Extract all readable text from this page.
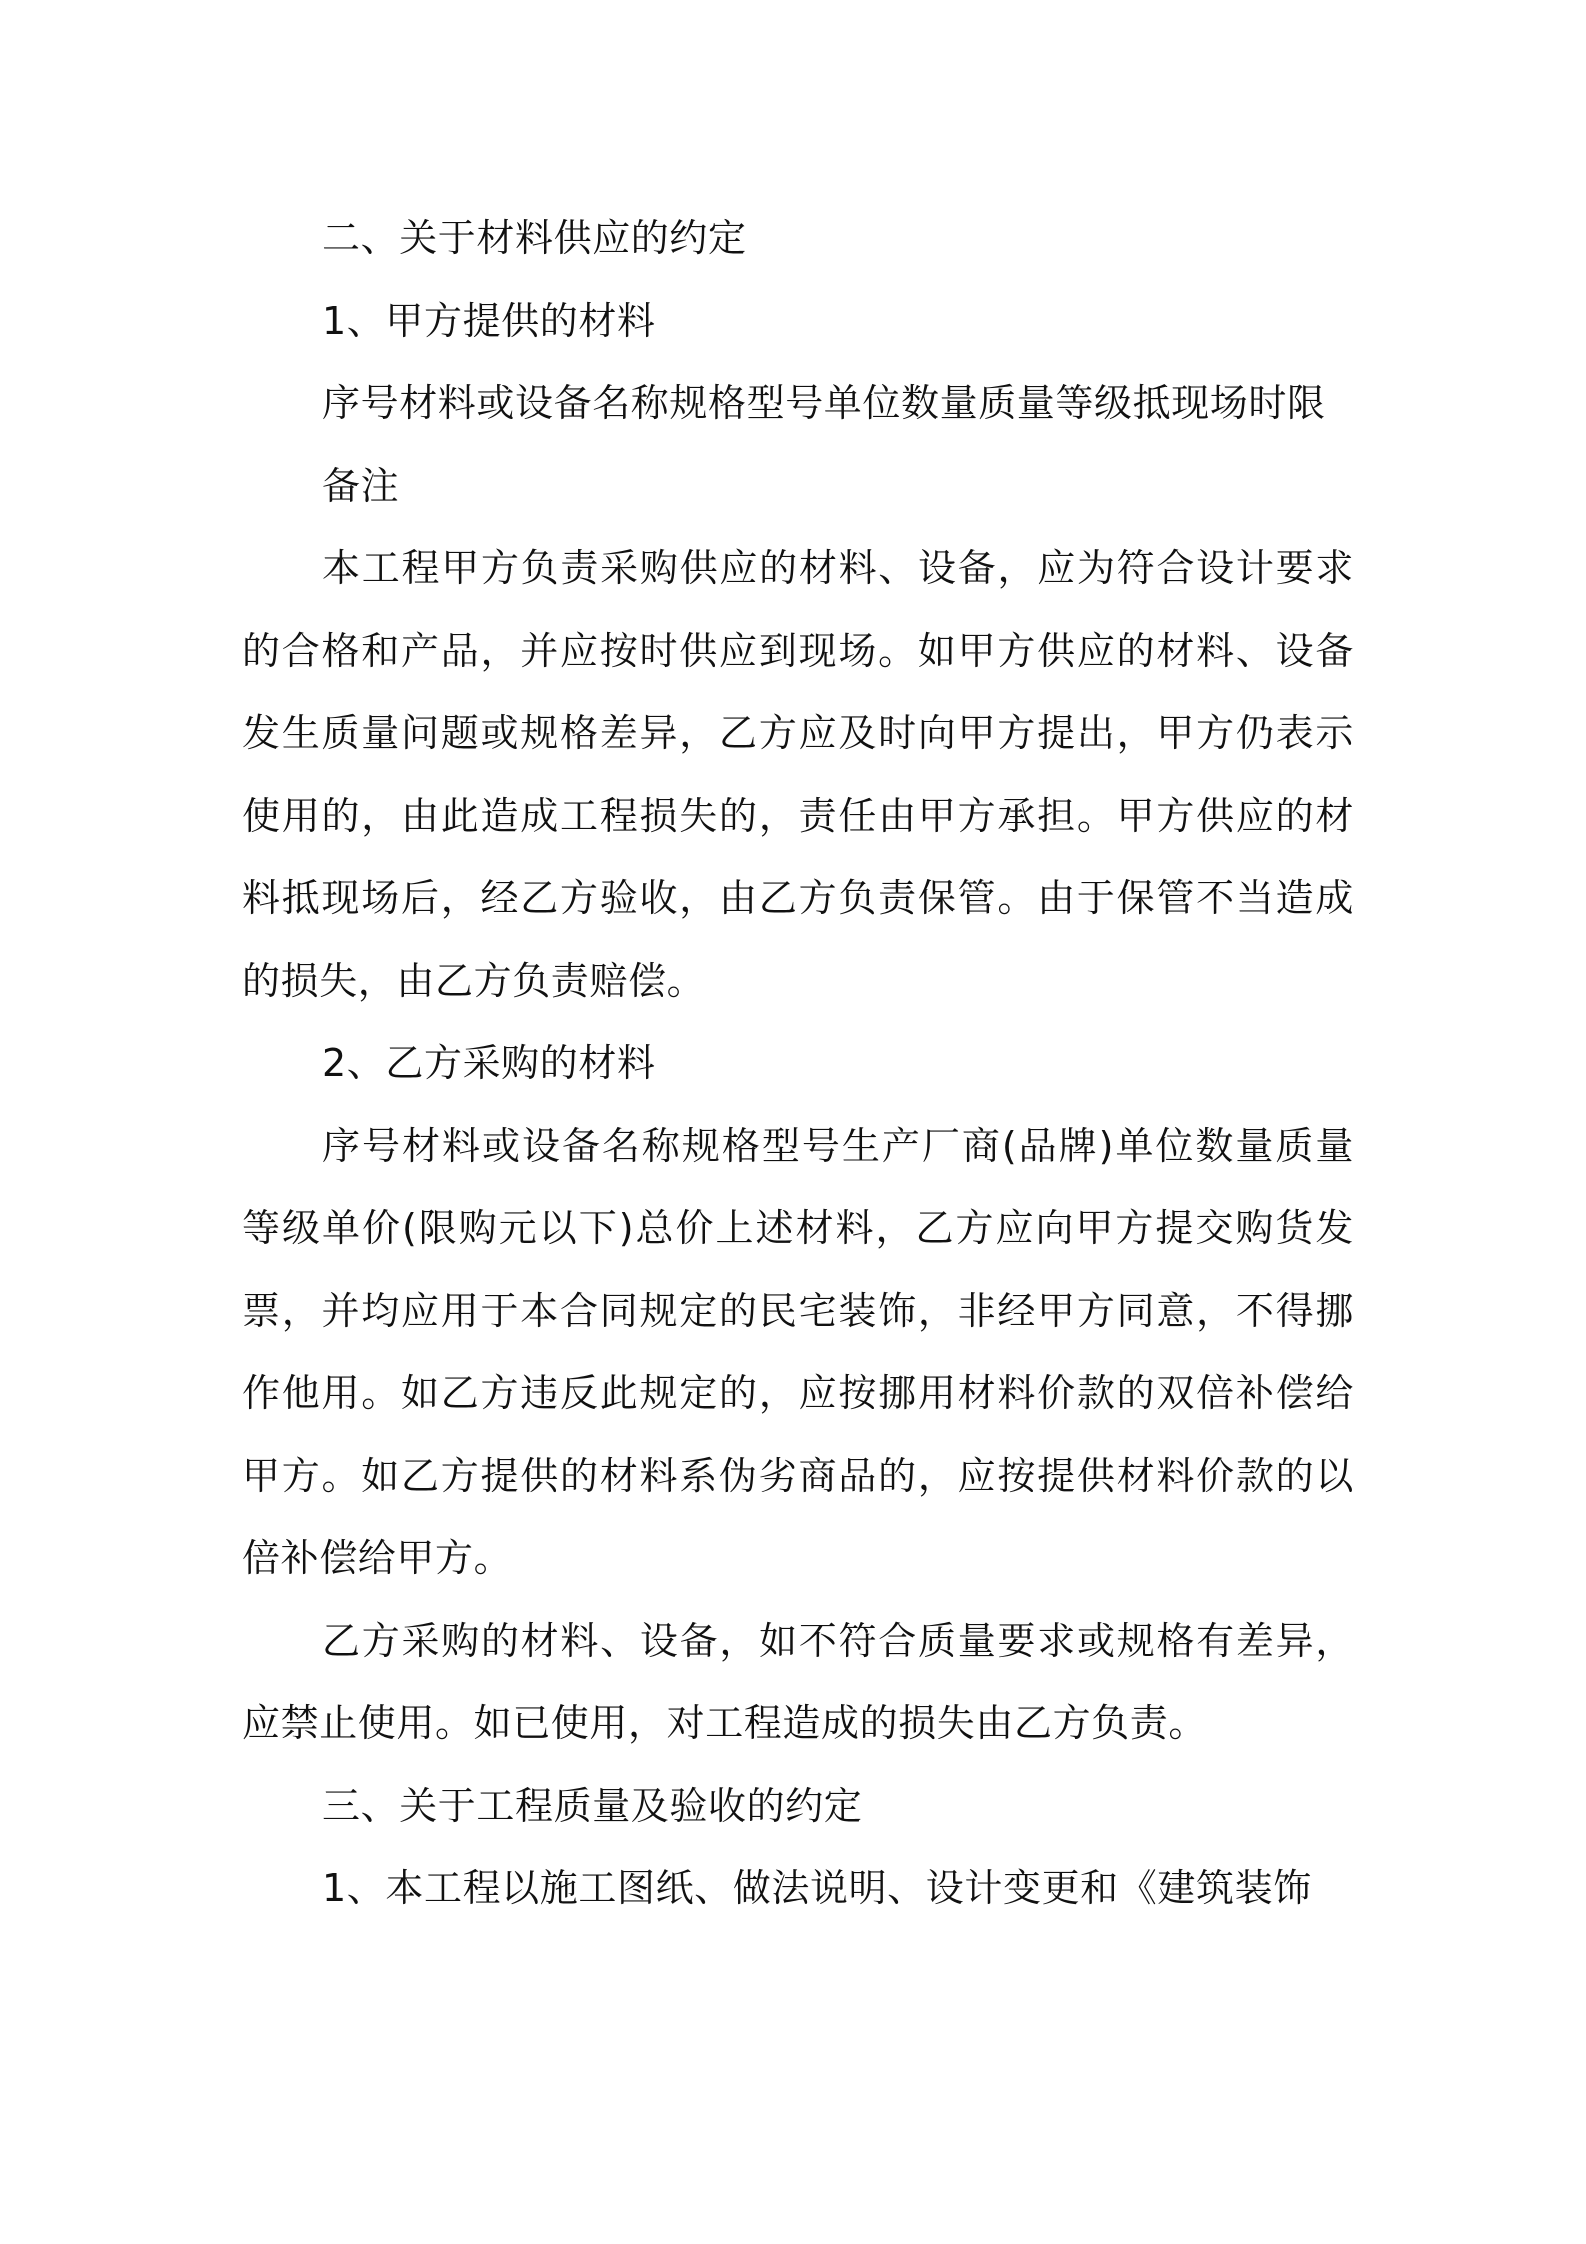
二、关于材料供应的约定

1、甲方提供的材料

序号材料或设备名称规格型号单位数量质量等级抵现场时限

备注

本工程甲方负责采购供应的材料、设备，应为符合设计要求的合格和产品，并应按时供应到现场。如甲方供应的材料、设备发生质量问题或规格差异，乙方应及时向甲方提出，甲方仍表示使用的，由此造成工程损失的，责任由甲方承担。甲方供应的材料抵现场后，经乙方验收，由乙方负责保管。由于保管不当造成的损失，由乙方负责赔偿。

2、乙方采购的材料

序号材料或设备名称规格型号生产厂商(品牌)单位数量质量等级单价(限购元以下)总价上述材料，乙方应向甲方提交购货发票，并均应用于本合同规定的民宅装饰，非经甲方同意，不得挪作他用。如乙方违反此规定的，应按挪用材料价款的双倍补偿给甲方。如乙方提供的材料系伪劣商品的，应按提供材料价款的以倍补偿给甲方。

乙方采购的材料、设备，如不符合质量要求或规格有差异，应禁止使用。如已使用，对工程造成的损失由乙方负责。

三、关于工程质量及验收的约定

1、本工程以施工图纸、做法说明、设计变更和《建筑装饰
